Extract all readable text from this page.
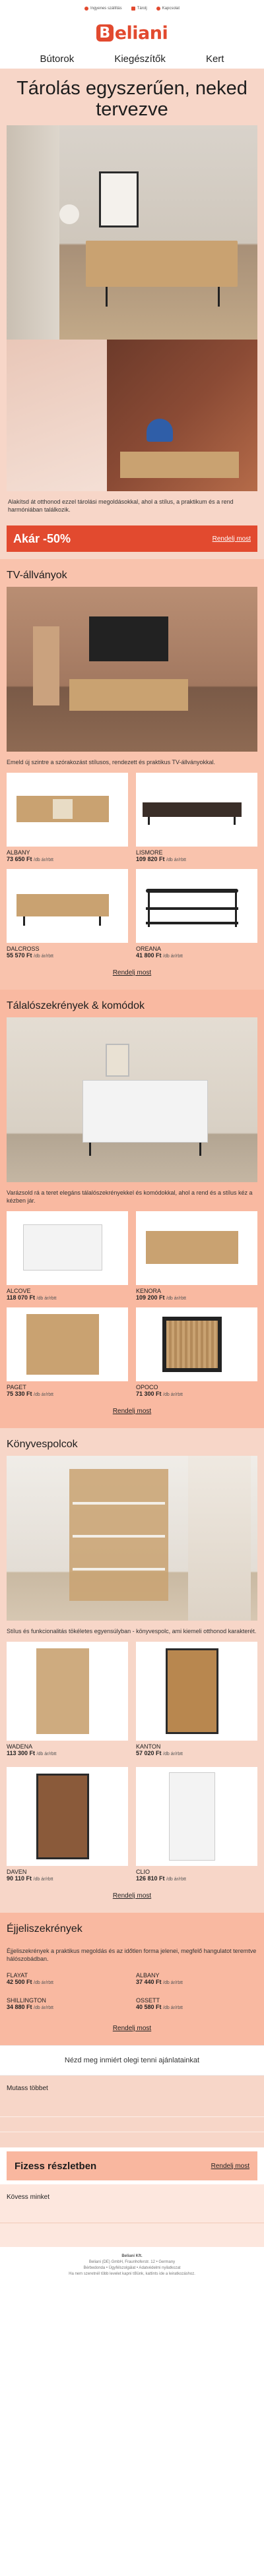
Ingyenes szállítás	Tárolj	Kapcsolat
B eliani
Bútorok	Kiegészítők	Kert
Tárolás egyszerűen, neked tervezve

Alakítsd át otthonod ezzel tárolási megoldásokkal, ahol a stílus, a praktikum és a rend harmóniában találkozik.

Akár -50%	Rendelj most
TV-állványok

Emeld új szintre a szórakozást stílusos, rendezett és praktikus TV-állványokkal.

ALBANY
73 650 Ft /db ár/rbtt
LISMORE
109 820 Ft /db ár/rbtt
DALCROSS
55 570 Ft /db ár/rbtt
OREANA
41 800 Ft /db ár/rbtt
Rendelj most
Tálalószekrények & komódok

Varázsold rá a teret elegáns tálalószekrényekkel és komódokkal, ahol a rend és a stílus kéz a kézben jár.

ALCOVE
118 070 Ft /db ár/rbtt
KENORA
109 200 Ft /db ár/rbtt
PAGET
75 330 Ft /db ár/rbtt
OPOCO
71 300 Ft /db ár/rbtt
Rendelj most
Könyvespolcok

Stílus és funkcionalitás tökéletes egyensúlyban - könyvespolc, ami kiemeli otthonod karakterét.

WADENA
113 300 Ft /db ár/rbtt
KANTON
57 020 Ft /db ár/rbtt
DAVEN
90 110 Ft /db ár/rbtt
CLIO
126 810 Ft /db ár/rbtt
Rendelj most
Éjjeliszekrények

Éjjeliszekrények a praktikus megoldás és az időtlen forma jelenei, megfelő hangulatot teremtve hálószobádban.

FLAYAT
42 500 Ft /db ár/rbtt
ALBANY
37 440 Ft /db ár/rbtt
SHILLINGTON
34 880 Ft /db ár/rbtt
OSSETT
40 580 Ft /db ár/rbtt
Rendelj most
Nézd meg inmiért olegi tenni ajánlatainkat
Mutass többet
Fizess részletben	Rendelj most
Kövess minket
Beliani Kft.
Beliani (DE) GmbH, Fraunhoferstr. 12 • Germany
Bérbedonda • Ügyfélszolgálat • Adatvédelmi nyilatkozat
Ha nem szeretnél több levelet kapni tőlünk, kattints ide a leiratkozáshoz.
